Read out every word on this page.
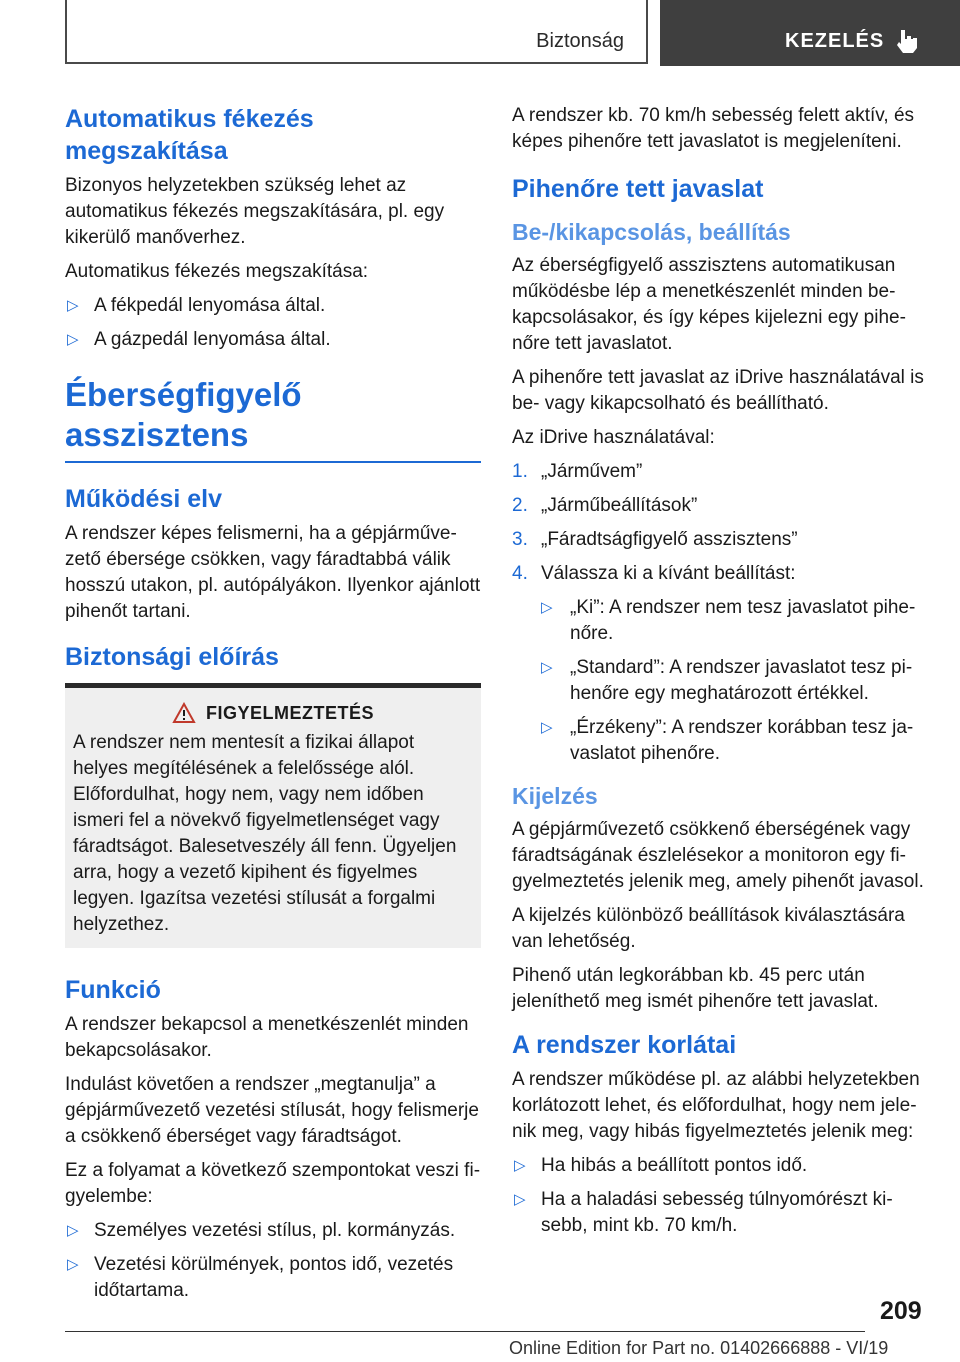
Biztonság	KEZELÉS
Automatikus fékezés megszakítása

Bizonyos helyzetekben szükség lehet az automatikus fékezés megszakítására, pl. egy kikerülő manőverhez.

Automatikus fékezés megszakítása:

▷ A fékpedál lenyomása által.
▷ A gázpedál lenyomása által.
Éberségfigyelő asszisztens
Működési elv

A rendszer képes felismerni, ha a gépjárművezető ébersége csökken, vagy fáradtabbá válik hosszú utakon, pl. autópályákon. Ilyenkor ajánlott pihenőt tartani.

Biztonsági előírás
FIGYELMEZTETÉS

A rendszer nem mentesít a fizikai állapot helyes megítélésének a felelőssége alól. Előfordulhat, hogy nem, vagy nem időben ismeri fel a növekvő figyelmetlenséget vagy fáradtságot. Balesetveszély áll fenn. Ügyeljen arra, hogy a vezető kipihent és figyelmes legyen. Igazítsa vezetési stílusát a forgalmi helyzethez.

Funkció

A rendszer bekapcsol a menetkészenlét minden bekapcsolásakor.

Indulást követően a rendszer „megtanulja” a gépjárművezető vezetési stílusát, hogy felismerje a csökkenő éberséget vagy fáradtságot.

Ez a folyamat a következő szempontokat veszi figyelembe:

▷ Személyes vezetési stílus, pl. kormányzás.
▷ Vezetési körülmények, pontos idő, vezetés időtartama.

A rendszer kb. 70 km/h sebesség felett aktív, és képes pihenőre tett javaslatot is megjeleníteni.

Pihenőre tett javaslat
Be-/kikapcsolás, beállítás

Az éberségfigyelő asszisztens automatikusan működésbe lép a menetkészenlét minden bekapcsolásakor, és így képes kijelezni egy pihenőre tett javaslatot.

A pihenőre tett javaslat az iDrive használatával is be- vagy kikapcsolható és beállítható.

Az iDrive használatával:

1. „Járművem”
2. „Járműbeállítások”
3. „Fáradtságfigyelő asszisztens”
4. Válassza ki a kívánt beállítást:
▷ „Ki”: A rendszer nem tesz javaslatot pihenőre.
▷ „Standard”: A rendszer javaslatot tesz pihenőre egy meghatározott értékkel.
▷ „Érzékeny”: A rendszer korábban tesz javaslatot pihenőre.
Kijelzés

A gépjárművezető csökkenő éberségének vagy fáradtságának észlelésekor a monitoron egy figyelmeztetés jelenik meg, amely pihenőt javasol.

A kijelzés különböző beállítások kiválasztására van lehetőség.

Pihenő után legkorábban kb. 45 perc után jeleníthető meg ismét pihenőre tett javaslat.

A rendszer korlátai

A rendszer működése pl. az alábbi helyzetekben korlátozott lehet, és előfordulhat, hogy nem jelenik meg, vagy hibás figyelmeztetés jelenik meg:

▷ Ha hibás a beállított pontos idő.
▷ Ha a haladási sebesség túlnyomórészt kisebb, mint kb. 70 km/h.
209
Online Edition for Part no. 01402666888 - VI/19
